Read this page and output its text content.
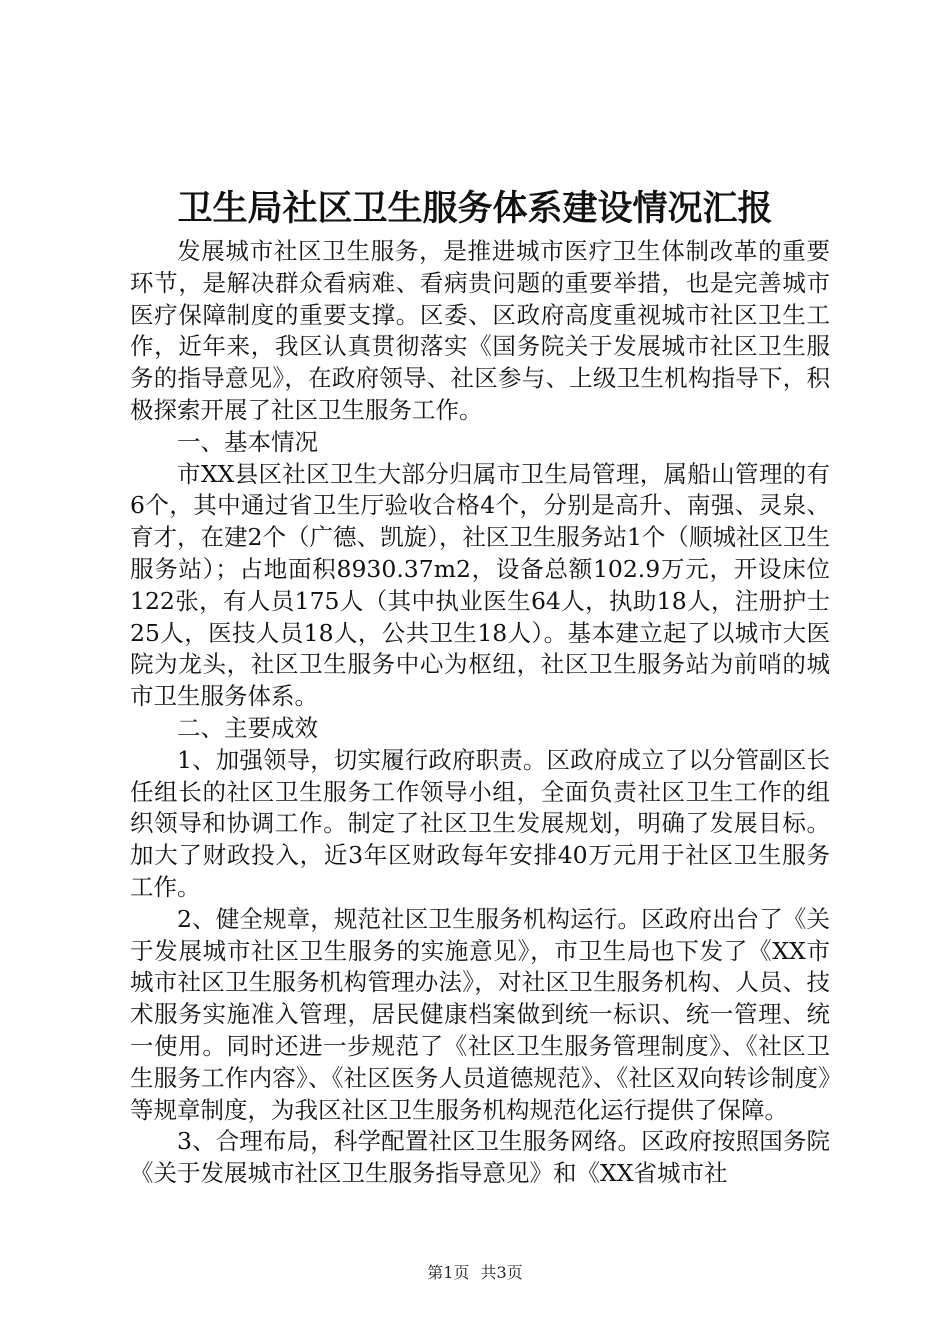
卫生局社区卫生服务体系建设情况汇报

发展城市社区卫生服务，是推进城市医疗卫生体制改革的重要环节，是解决群众看病难、看病贵问题的重要举措，也是完善城市医疗保障制度的重要支撑。区委、区政府高度重视城市社区卫生工作，近年来，我区认真贯彻落实《国务院关于发展城市社区卫生服务的指导意见》，在政府领导、社区参与、上级卫生机构指导下，积极探索开展了社区卫生服务工作。

一、基本情况

市XX县区社区卫生大部分归属市卫生局管理，属船山管理的有6个，其中通过省卫生厅验收合格4个，分别是高升、南强、灵泉、育才，在建2个（广德、凯旋），社区卫生服务站1个（顺城社区卫生服务站）；占地面积8930.37m2，设备总额102.9万元，开设床位122张，有人员175人（其中执业医生64人，执助18人，注册护士25人，医技人员18人，公共卫生18人）。基本建立起了以城市大医院为龙头，社区卫生服务中心为枢纽，社区卫生服务站为前哨的城市卫生服务体系。

二、主要成效

1、加强领导，切实履行政府职责。区政府成立了以分管副区长任组长的社区卫生服务工作领导小组，全面负责社区卫生工作的组织领导和协调工作。制定了社区卫生发展规划，明确了发展目标。加大了财政投入，近3年区财政每年安排40万元用于社区卫生服务工作。

2、健全规章，规范社区卫生服务机构运行。区政府出台了《关于发展城市社区卫生服务的实施意见》，市卫生局也下发了《XX市城市社区卫生服务机构管理办法》，对社区卫生服务机构、人员、技术服务实施准入管理，居民健康档案做到统一标识、统一管理、统一使用。同时还进一步规范了《社区卫生服务管理制度》、《社区卫生服务工作内容》、《社区医务人员道德规范》、《社区双向转诊制度》等规章制度，为我区社区卫生服务机构规范化运行提供了保障。

3、合理布局，科学配置社区卫生服务网络。区政府按照国务院《关于发展城市社区卫生服务指导意见》和《XX省城市社

第1页 共3页
